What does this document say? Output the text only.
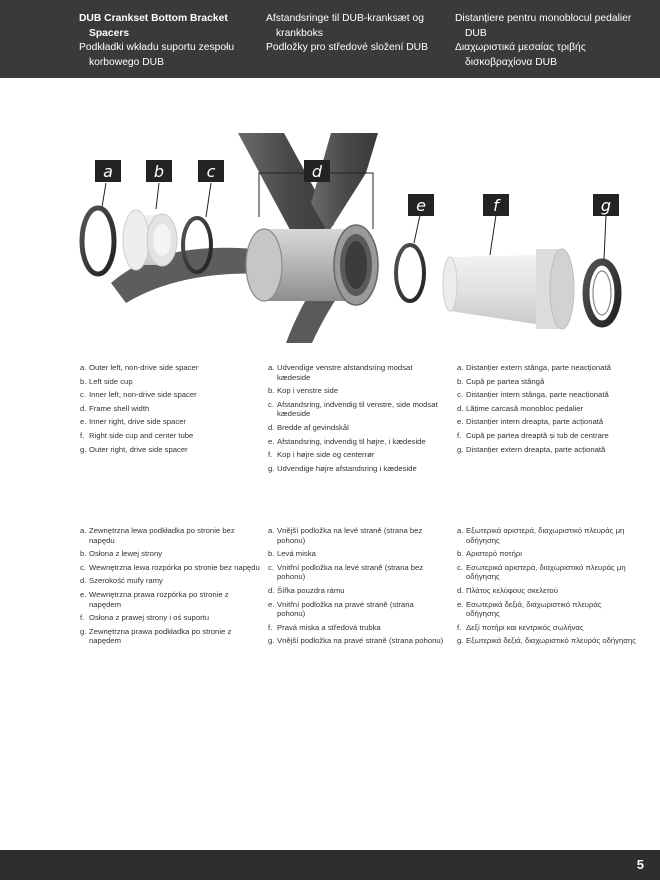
DUB Crankset Bottom Bracket Spacers
Podkładki wkładu suportu zespołu korbowego DUB
Afstandsringe til DUB-kranksæt og krankboks
Podložky pro středové složení DUB
Distanțiere pentru monoblocul pedalier DUB
Διαχωριστικά μεσαίας τριβής δισκοβραχίονα DUB
a	b	c	d
e	f	g
a. Outer left, non-drive side spacer
b. Left side cup
c. Inner left, non-drive side spacer
d. Frame shell width
e. Inner right, drive side spacer
f. Right side cup and center tube
g. Outer right, drive side spacer
a. Udvendige venstre afstandsring modsat kædeside
b. Kop i venstre side
c. Afstandsring, indvendig til venstre, side modsat kædeside
d. Bredde af gevindskål
e. Afstandsring, indvendig til højre, i kædeside
f. Kop i højre side og centerrør
g. Udvendige højre afstandsring i kædeside
a. Distanțier extern stânga, parte neacționată
b. Cupă pe partea stângă
c. Distanțier intern stânga, parte neacționată
d. Lățime carcasă monobloc pedalier
e. Distanțier intern dreapta, parte acționată
f. Cupă pe partea dreaptă și tub de centrare
g. Distanțier extern dreapta, parte acționată
a. Zewnętrzna lewa podkładka po stronie bez napędu
b. Osłona z lewej strony
c. Wewnętrzna lewa rozpórka po stronie bez napędu
d. Szerokość mufy ramy
e. Wewnętrzna prawa rozpórka po stronie z napędem
f. Osłona z prawej strony i oś suportu
g. Zewnętrzna prawa podkładka po stronie z napędem
a. Vnější podložka na levé straně (strana bez pohonu)
b. Levá miska
c. Vnitřní podložka na levé straně (strana bez pohonu)
d. Šířka pouzdra rámu
e. Vnitřní podložka na pravé straně (strana pohonu)
f. Pravá miska a středová trubka
g. Vnější podložka na pravé straně (strana pohonu)
a. Εξωτερικά αριστερά, διαχωριστικό πλευράς μη οδήγησης
b. Αριστερό ποτήρι
c. Εσωτερικά αριστερά, διαχωριστικό πλευράς μη οδήγησης
d. Πλάτος κελύφους σκελετού
e. Εσωτερικά δεξιά, διαχωριστικό πλευράς οδήγησης
f. Δεξί ποτήρι και κεντρικός σωλήνας
g. Εξωτερικά δεξιά, διαχωριστικό πλευράς οδήγησης
5
